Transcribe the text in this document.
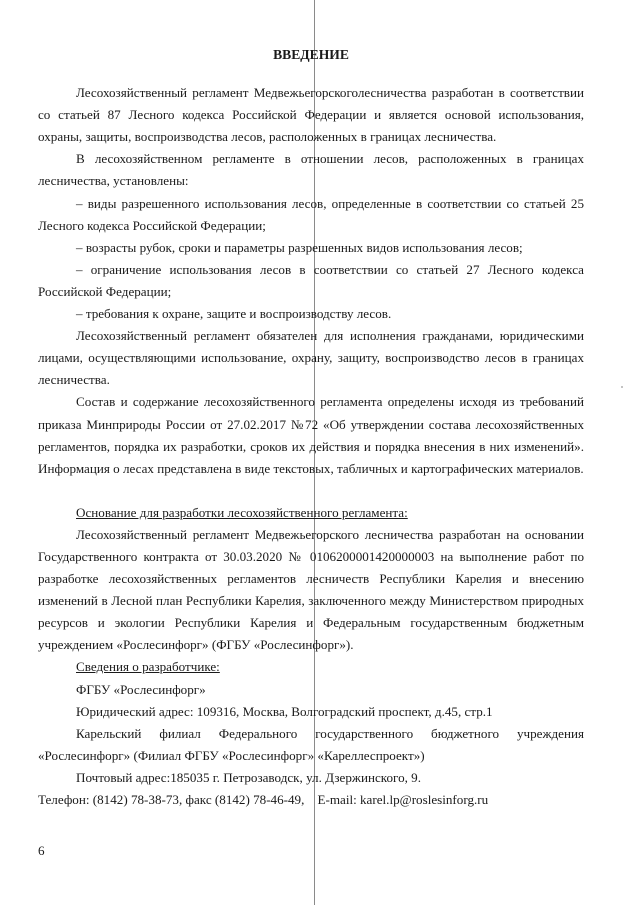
ВВЕДЕНИЕ

Лесохозяйственный регламент Медвежьегорскоголесничества разработан в соответствии со статьей 87 Лесного кодекса Российской Федерации и является основой использования, охраны, защиты, воспроизводства лесов, расположенных в границах лесничества.

В лесохозяйственном регламенте в отношении лесов, расположенных в границах лесничества, установлены:

– виды разрешенного использования лесов, определенные в соответствии со статьей 25 Лесного кодекса Российской Федерации;

– возрасты рубок, сроки и параметры разрешенных видов использования лесов;

– ограничение использования лесов в соответствии со статьей 27 Лесного кодекса Российской Федерации;

– требования к охране, защите и воспроизводству лесов.

Лесохозяйственный регламент обязателен для исполнения гражданами, юридическими лицами, осуществляющими использование, охрану, защиту, воспроизводство лесов в границах лесничества.

Состав и содержание лесохозяйственного регламента определены исходя из требований приказа Минприроды России от 27.02.2017 №72 «Об утверждении состава лесохозяйственных регламентов, порядка их разработки, сроков их действия и порядка внесения в них изменений». Информация о лесах представлена в виде текстовых, табличных и картографических материалов.

Основание для разработки лесохозяйственного регламента:

Лесохозяйственный регламент Медвежьегорского лесничества разработан на основании Государственного контракта от 30.03.2020 № 0106200001420000003 на выполнение работ по разработке лесохозяйственных регламентов лесничеств Республики Карелия и внесению изменений в Лесной план Республики Карелия, заключенного между Министерством природных ресурсов и экологии Республики Карелия и Федеральным государственным бюджетным учреждением «Рослесинфорг» (ФГБУ «Рослесинфорг»).

Сведения о разработчике:

ФГБУ «Рослесинфорг»

Юридический адрес: 109316, Москва, Волгоградский проспект, д.45, стр.1

Карельский филиал Федерального государственного бюджетного учреждения «Рослесинфорг» (Филиал ФГБУ «Рослесинфорг» «Кареллеспроект»)

Почтовый адрес:185035 г. Петрозаводск, ул. Дзержинского, 9.

Телефон: (8142) 78-38-73, факс (8142) 78-46-49,    E-mail: karel.lp@roslesinforg.ru

6
